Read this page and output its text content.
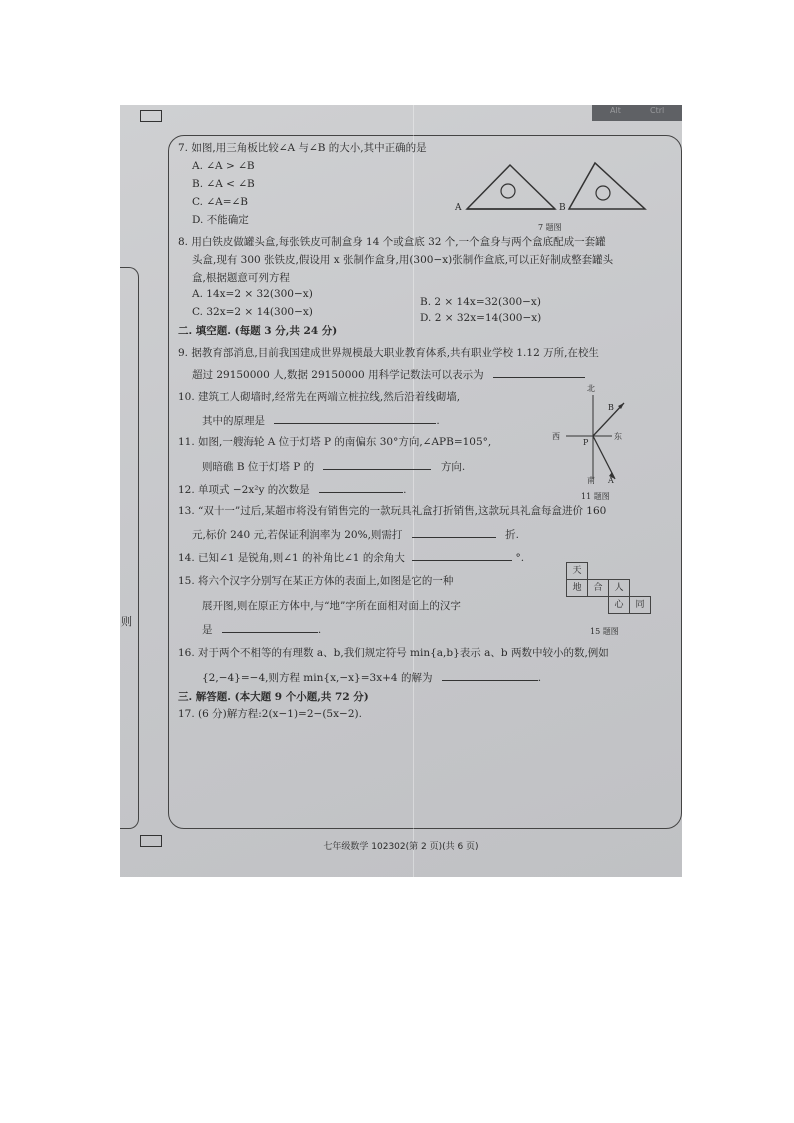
Alt	Ctrl
则
7. 如图,用三角板比较∠A 与∠B 的大小,其中正确的是
A. ∠A > ∠B
B. ∠A < ∠B
C. ∠A=∠B
D. 不能确定
A	B
7 题图
8. 用白铁皮做罐头盒,每张铁皮可制盒身 14 个或盒底 32 个,一个盒身与两个盒底配成一套罐
头盒,现有 300 张铁皮,假设用 x 张制作盒身,用(300−x)张制作盒底,可以正好制成整套罐头
盒,根据题意可列方程
A. 14x=2 × 32(300−x)
B. 2 × 14x=32(300−x)
C. 32x=2 × 14(300−x)	D. 2 × 32x=14(300−x)
二. 填空题. (每题 3 分,共 24 分)
9. 据教育部消息,目前我国建成世界规模最大职业教育体系,共有职业学校 1.12 万所,在校生
超过 29150000 人,数据 29150000 用科学记数法可以表示为
10. 建筑工人砌墙时,经常先在两端立桩拉线,然后沿着线砌墙,
其中的原理是	.
11. 如图,一艘海轮 A 位于灯塔 P 的南偏东 30°方向,∠APB=105°,
则暗礁 B 位于灯塔 P 的	方向.
北
西	东
P
B
南 A
11 题图
12. 单项式 −2x²y 的次数是	.
13. “双十一”过后,某超市将没有销售完的一款玩具礼盒打折销售,这款玩具礼盒每盒进价 160
元,标价 240 元,若保证利润率为 20%,则需打	折.
14. 已知∠1 是锐角,则∠1 的补角比∠1 的余角大	°.
15. 将六个汉字分别写在某正方体的表面上,如图是它的一种
展开图,则在原正方体中,与“地”字所在面相对面上的汉字
是	.
天
地	合	人
心	同
15 题图
16. 对于两个不相等的有理数 a、b,我们规定符号 min{a,b}表示 a、b 两数中较小的数,例如
{2,−4}=−4,则方程 min{x,−x}=3x+4 的解为	.
三. 解答题. (本大题 9 个小题,共 72 分)
17. (6 分)解方程:2(x−1)=2−(5x−2).
七年级数学 102302(第 2 页)(共 6 页)
